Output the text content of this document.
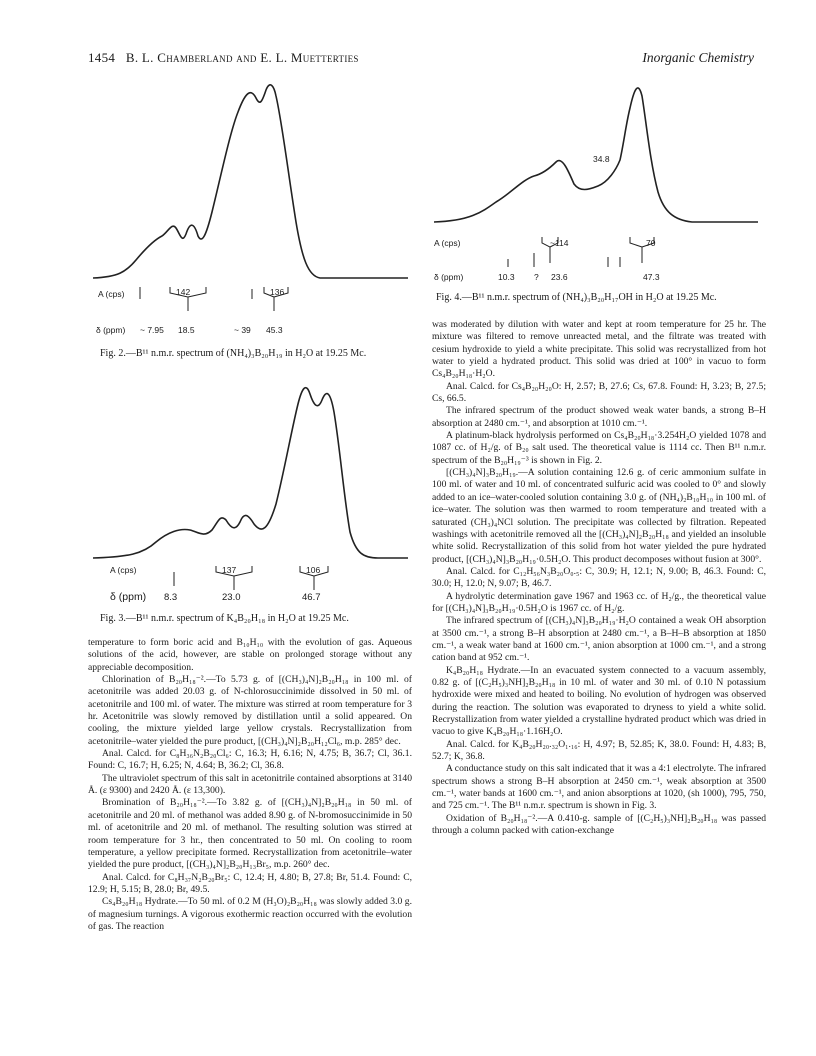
1454 B. L. Chamberland and E. L. Muetterties	Inorganic Chemistry
A (cps)	142	136
δ (ppm) ~ 7.95 18.5	~ 39 45.3
Fig. 2.—B¹¹ n.m.r. spectrum of (NH₄)₃B₂₀H₁₉ in H₂O at 19.25 Mc.
A (cps)	137	106
δ (ppm) 8.3	23.0	46.7
Fig. 3.—B¹¹ n.m.r. spectrum of K₄B₂₀H₁₈ in H₂O at 19.25 Mc.
34.8
A (cps)	~114	70
δ (ppm)	10.3 ? 23.6	47.3
Fig. 4.—B¹¹ n.m.r. spectrum of (NH₄)₃B₂₀H₁₇OH in H₂O at 19.25 Mc.

temperature to form boric acid and B₁₀H₁₀ with the evolution of gas. Aqueous solutions of the acid, however, are stable on prolonged storage without any appreciable decomposition.

Chlorination of B₂₀H₁₈⁻².—To 5.73 g. of [(CH₃)₄N]₂B₂₀H₁₈ in 100 ml. of acetonitrile was added 20.03 g. of N-chlorosuccinimide dissolved in 50 ml. of acetonitrile and 100 ml. of water. The mixture was stirred at room temperature for 3 hr. Acetonitrile was slowly removed by distillation until a solid appeared. On cooling, the mixture yielded large yellow crystals. Recrystallization from acetonitrile–water yielded the pure product, [(CH₃)₄N]₂B₂₀H₁₂Cl₆, m.p. 285° dec.

Anal. Calcd. for C₈H₃₆N₂B₂₀Cl₆: C, 16.3; H, 6.16; N, 4.75; B, 36.7; Cl, 36.1. Found: C, 16.7; H, 6.25; N, 4.64; B, 36.2; Cl, 36.8.

The ultraviolet spectrum of this salt in acetonitrile contained absorptions at 3140 Å. (ε 9300) and 2420 Å. (ε 13,300).

Bromination of B₂₀H₁₈⁻².—To 3.82 g. of [(CH₃)₄N]₂B₂₀H₁₈ in 50 ml. of acetonitrile and 20 ml. of methanol was added 8.90 g. of N-bromosuccinimide in 50 ml. of acetonitrile and 20 ml. of methanol. The resulting solution was stirred at room temperature for 3 hr., then concentrated to 50 ml. On cooling to room temperature, a yellow precipitate formed. Recrystallization from acetonitrile–water yielded the pure product, [(CH₃)₄N]₂B₂₀H₁₃Br₅, m.p. 260° dec.

Anal. Calcd. for C₈H₃₇N₂B₂₀Br₅: C, 12.4; H, 4.80; B, 27.8; Br, 51.4. Found: C, 12.9; H, 5.15; B, 28.0; Br, 49.5.

Cs₄B₂₀H₁₈ Hydrate.—To 50 ml. of 0.2 M (H₃O)₂B₂₀H₁₈ was slowly added 3.0 g. of magnesium turnings. A vigorous exothermic reaction occurred with the evolution of gas. The reaction

was moderated by dilution with water and kept at room temperature for 25 hr. The mixture was filtered to remove unreacted metal, and the filtrate was treated with cesium hydroxide to yield a white precipitate. This solid was recrystallized from hot water to yield a hydrated product. This solid was dried at 100° in vacuo to form Cs₄B₂₀H₁₈·H₂O.

Anal. Calcd. for Cs₄B₂₀H₂₀O: H, 2.57; B, 27.6; Cs, 67.8. Found: H, 3.23; B, 27.5; Cs, 66.5.

The infrared spectrum of the product showed weak water bands, a strong B–H absorption at 2480 cm.⁻¹, and absorption at 1010 cm.⁻¹.

A platinum-black hydrolysis performed on Cs₄B₂₀H₁₈·3.254H₂O yielded 1078 and 1087 cc. of H₂/g. of B₂₀ salt used. The theoretical value is 1114 cc. Then B¹¹ n.m.r. spectrum of the B₂₀H₁₉⁻³ is shown in Fig. 2.

[(CH₃)₄N]₃B₂₀H₁₉.—A solution containing 12.6 g. of ceric ammonium sulfate in 100 ml. of water and 10 ml. of concentrated sulfuric acid was cooled to 0° and slowly added to an ice–water-cooled solution containing 3.0 g. of (NH₄)₂B₁₀H₁₀ in 100 ml. of ice–water. The solution was then warmed to room temperature and treated with a saturated (CH₃)₄NCl solution. The precipitate was collected by filtration. Repeated washings with acetonitrile removed all the [(CH₃)₄N]₂B₂₀H₁₈ and yielded an insoluble white solid. Recrystallization of this solid from hot water yielded the pure hydrated product, [(CH₃)₄N]₃B₂₀H₁₉·0.5H₂O. This product decomposes without fusion at 300°.

Anal. Calcd. for C₁₂H₅₆N₃B₂₀O₀.₅: C, 30.9; H, 12.1; N, 9.00; B, 46.3. Found: C, 30.0; H, 12.0; N, 9.07; B, 46.7.

A hydrolytic determination gave 1967 and 1963 cc. of H₂/g., the theoretical value for [(CH₃)₄N]₃B₂₀H₁₉·0.5H₂O is 1967 cc. of H₂/g.

The infrared spectrum of [(CH₃)₄N]₃B₂₀H₁₉·H₂O contained a weak OH absorption at 3500 cm.⁻¹, a strong B–H absorption at 2480 cm.⁻¹, a B–H–B absorption at 1850 cm.⁻¹, a weak water band at 1600 cm.⁻¹, anion absorption at 1000 cm.⁻¹, and a strong cation band at 952 cm.⁻¹.

K₄B₂₀H₁₈ Hydrate.—In an evacuated system connected to a vacuum assembly, 0.82 g. of [(C₂H₅)₃NH]₂B₂₀H₁₈ in 10 ml. of water and 30 ml. of 0.10 N potassium hydroxide were mixed and heated to boiling. No evolution of hydrogen was observed during the reaction. The solution was evaporated to dryness to yield a white solid. Recrystallization from water yielded a crystalline hydrated product which was dried in vacuo to give K₄B₂₀H₁₈·1.16H₂O.

Anal. Calcd. for K₄B₂₀H₂₀.₃₂O₁.₁₆: H, 4.97; B, 52.85; K, 38.0. Found: H, 4.83; B, 52.7; K, 36.8.

A conductance study on this salt indicated that it was a 4:1 electrolyte. The infrared spectrum shows a strong B–H absorption at 2450 cm.⁻¹, weak absorption at 3500 cm.⁻¹, water bands at 1600 cm.⁻¹, and anion absorptions at 1020, (sh 1000), 795, 750, and 725 cm.⁻¹. The B¹¹ n.m.r. spectrum is shown in Fig. 3.

Oxidation of B₂₀H₁₈⁻².—A 0.410-g. sample of [(C₂H₅)₃NH]₂B₂₀H₁₈ was passed through a column packed with cation-exchange
